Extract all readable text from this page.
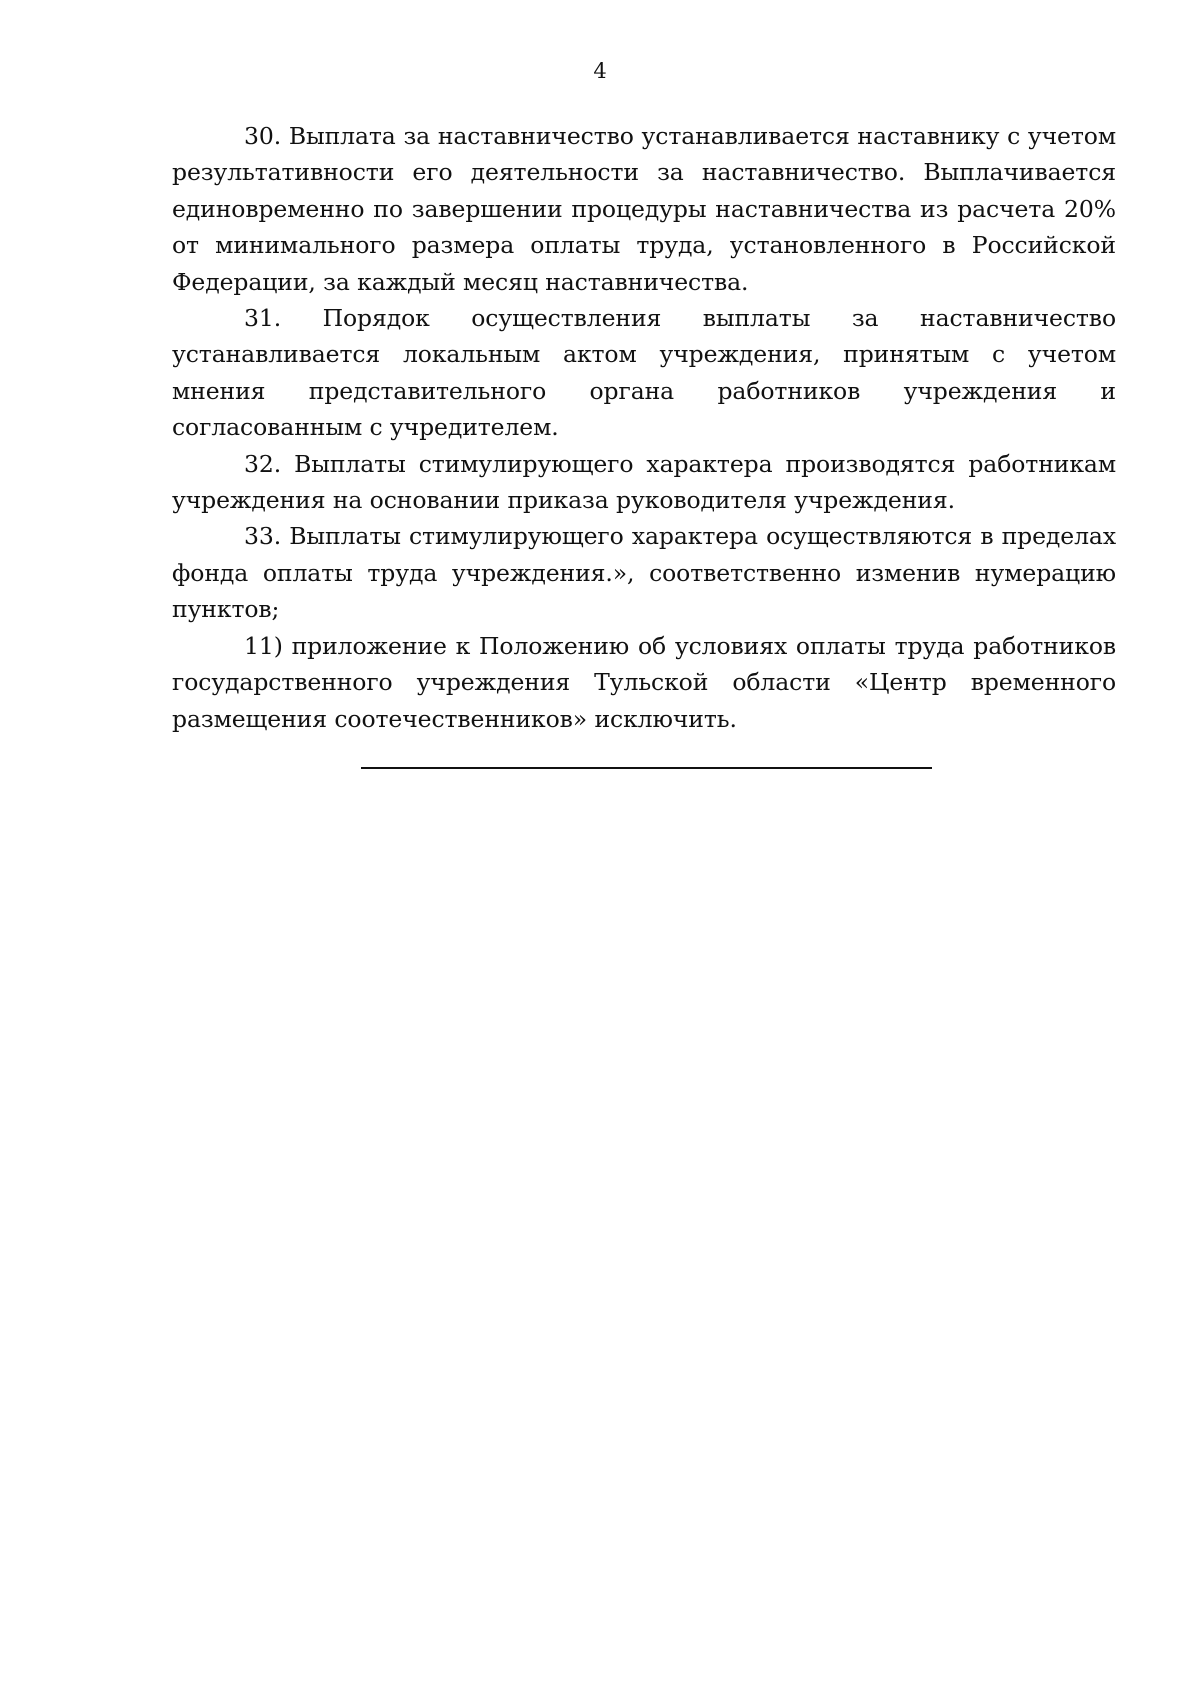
4

30. Выплата за наставничество устанавливается наставнику с учетом результативности его деятельности за наставничество. Выплачивается единовременно по завершении процедуры наставничества из расчета 20% от минимального размера оплаты труда, установленного в Российской Федерации, за каждый месяц наставничества.

31. Порядок осуществления выплаты за наставничество устанавливается локальным актом учреждения, принятым с учетом мнения представительного органа работников учреждения и согласованным с учредителем.

32. Выплаты стимулирующего характера производятся работникам учреждения на основании приказа руководителя учреждения.

33. Выплаты стимулирующего характера осуществляются в пределах фонда оплаты труда учреждения.», соответственно изменив нумерацию пунктов;

11) приложение к Положению об условиях оплаты труда работников государственного учреждения Тульской области «Центр временного размещения соотечественников» исключить.
